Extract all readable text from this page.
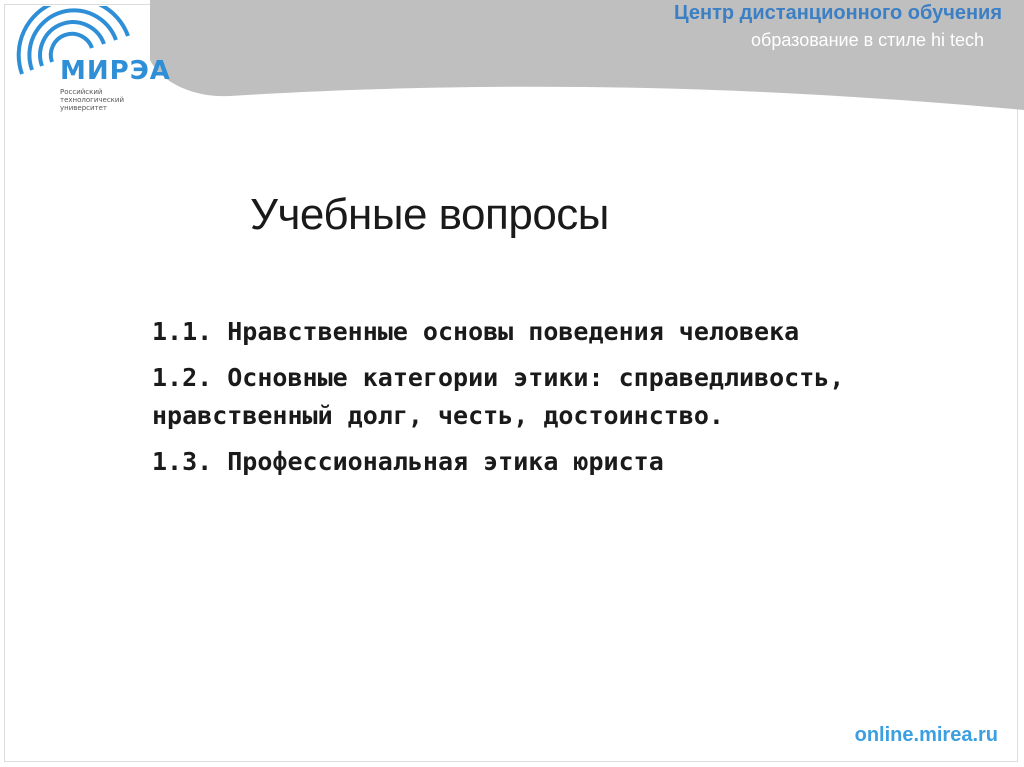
МИРЭА
Российский технологический университет
Центр дистанционного обучения
образование в стиле hi tech
Учебные вопросы
1.1. Нравственные основы поведения человека
1.2. Основные категории этики: справедливость, нравственный долг, честь, достоинство.
1.3. Профессиональная этика юриста
online.mirea.ru
